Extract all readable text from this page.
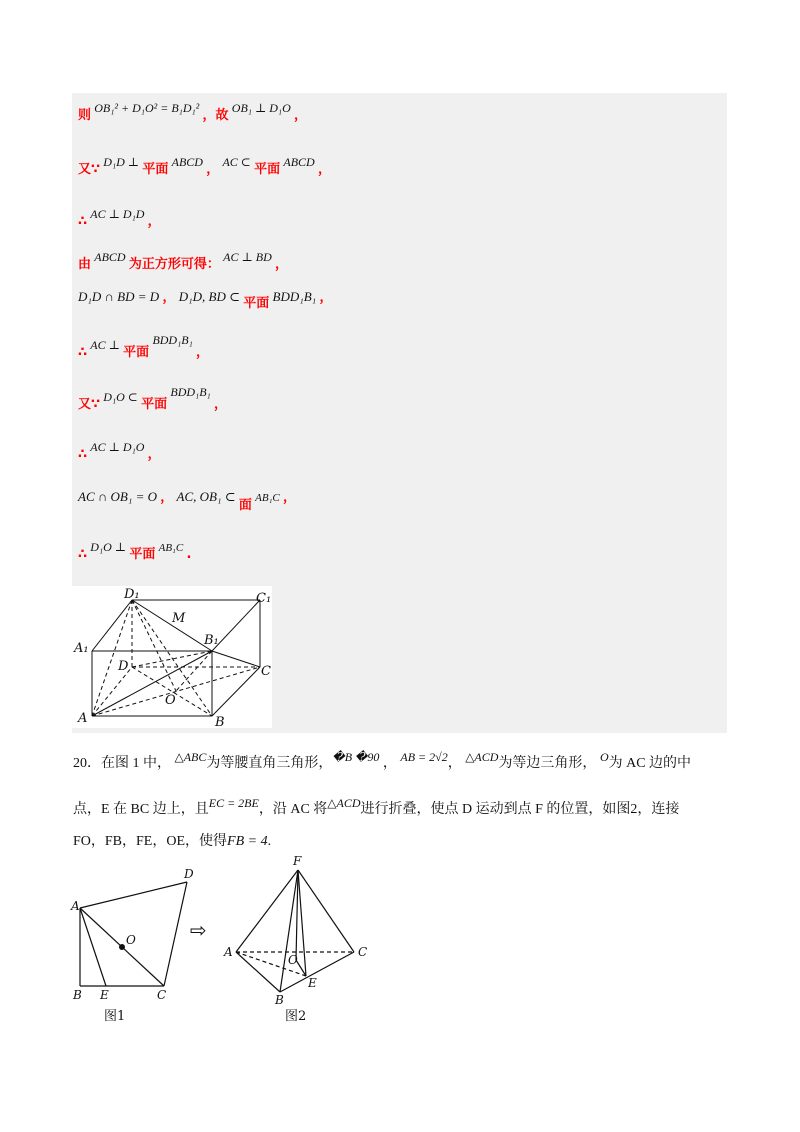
则 OB₁² + D₁O² = B₁D₁² ，故 OB₁ ⊥ D₁O ，
又∵ D₁D ⊥ 平面 ABCD ， AC ⊂ 平面 ABCD ，
∴ AC ⊥ D₁D ，
由 ABCD 为正方形可得： AC ⊥ BD ，
D₁D ∩ BD = D ， D₁D, BD ⊂ 平面 BDD₁B₁ ，
∴ AC ⊥ 平面 BDD₁B₁ ，
又∵ D₁O ⊂ 平面 BDD₁B₁ ，
∴ AC ⊥ D₁O ，
AC ∩ OB₁ = O ， AC, OB₁ ⊂ 面 AB₁C ，
∴ D₁O ⊥ 平面 $^{AB_1C}$ .
D₁	C₁
M
B₁
A₁
D	C
O
A	B
20．在图 1 中， △ABC为等腰直角三角形，�B �90 ， AB = 2√2， △ACD为等边三角形， O为 AC 边的中
点，E 在 BC 边上，且EC = 2BE，沿 AC 将△ACD进行折叠，使点 D 运动到点 F 的位置，如图2，连接
FO，FB，FE，OE，使得FB = 4.
A
D
O
B E	C
图1
⇨
F
A	C
O
E
B
图2
